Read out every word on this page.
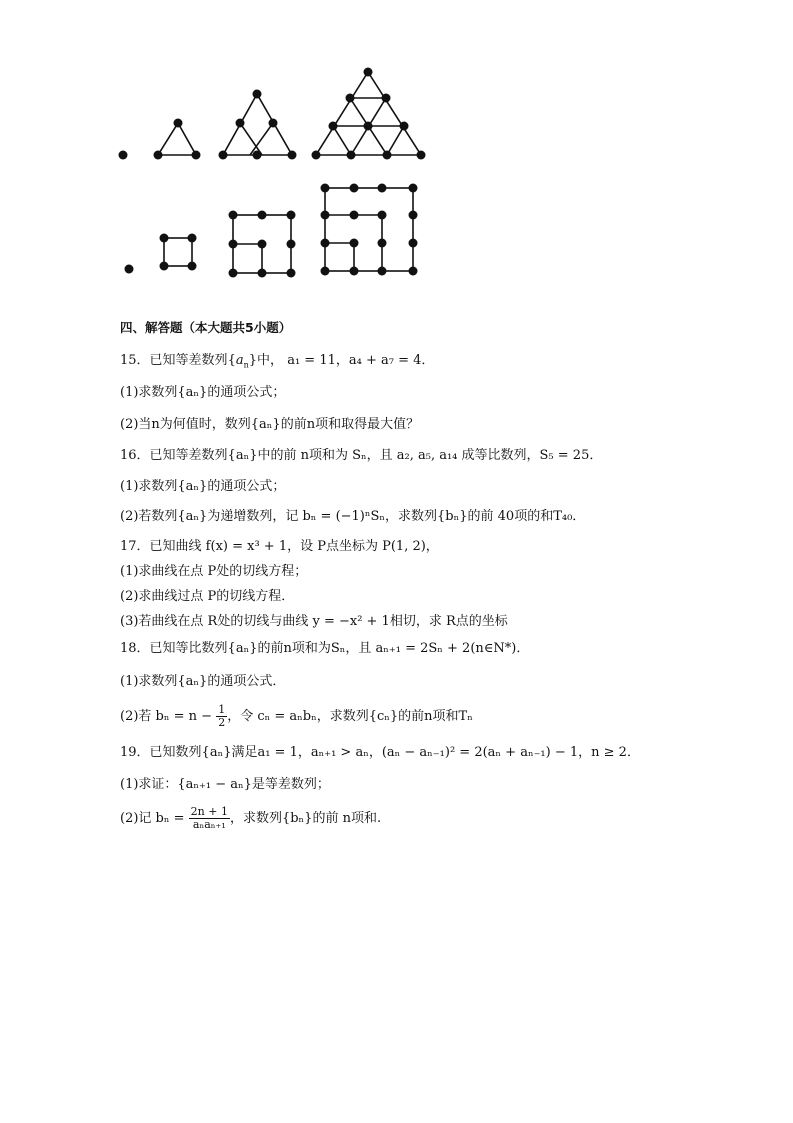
四、解答题（本大题共5小题）
15．已知等差数列$\{a_n\}$中， a₁ = 11，a₄ + a₇ = 4．
(1)求数列{aₙ}的通项公式；
(2)当n为何值时，数列{aₙ}的前n项和取得最大值？
16．已知等差数列{aₙ}中的前 n项和为 Sₙ，且 a₂, a₅, a₁₄ 成等比数列，S₅ = 25．
(1)求数列{aₙ}的通项公式；
(2)若数列{aₙ}为递增数列，记 bₙ = (−1)ⁿSₙ，求数列{bₙ}的前 40项的和T₄₀．
17．已知曲线 f(x) = x³ + 1，设 P点坐标为 P(1, 2)，
(1)求曲线在点 P处的切线方程；
(2)求曲线过点 P的切线方程．
(3)若曲线在点 R处的切线与曲线 y = −x² + 1相切，求 R点的坐标
18．已知等比数列{aₙ}的前n项和为Sₙ，且 aₙ₊₁ = 2Sₙ + 2(n∈N*)．
(1)求数列{aₙ}的通项公式．
(2)若 $b_n = n - \frac{1}{2}$ ，令 cₙ = aₙbₙ，求数列{cₙ}的前n项和Tₙ
19．已知数列{aₙ}满足a₁ = 1，aₙ₊₁ > aₙ，(aₙ − aₙ₋₁)² = 2(aₙ + aₙ₋₁) − 1，n ≥ 2．
(1)求证：{aₙ₊₁ − aₙ}是等差数列；
(2)记 $b_n = \frac{2n + 1}{\text{aₙaₙ₊₁}}$ ，求数列{bₙ}的前 n项和.
